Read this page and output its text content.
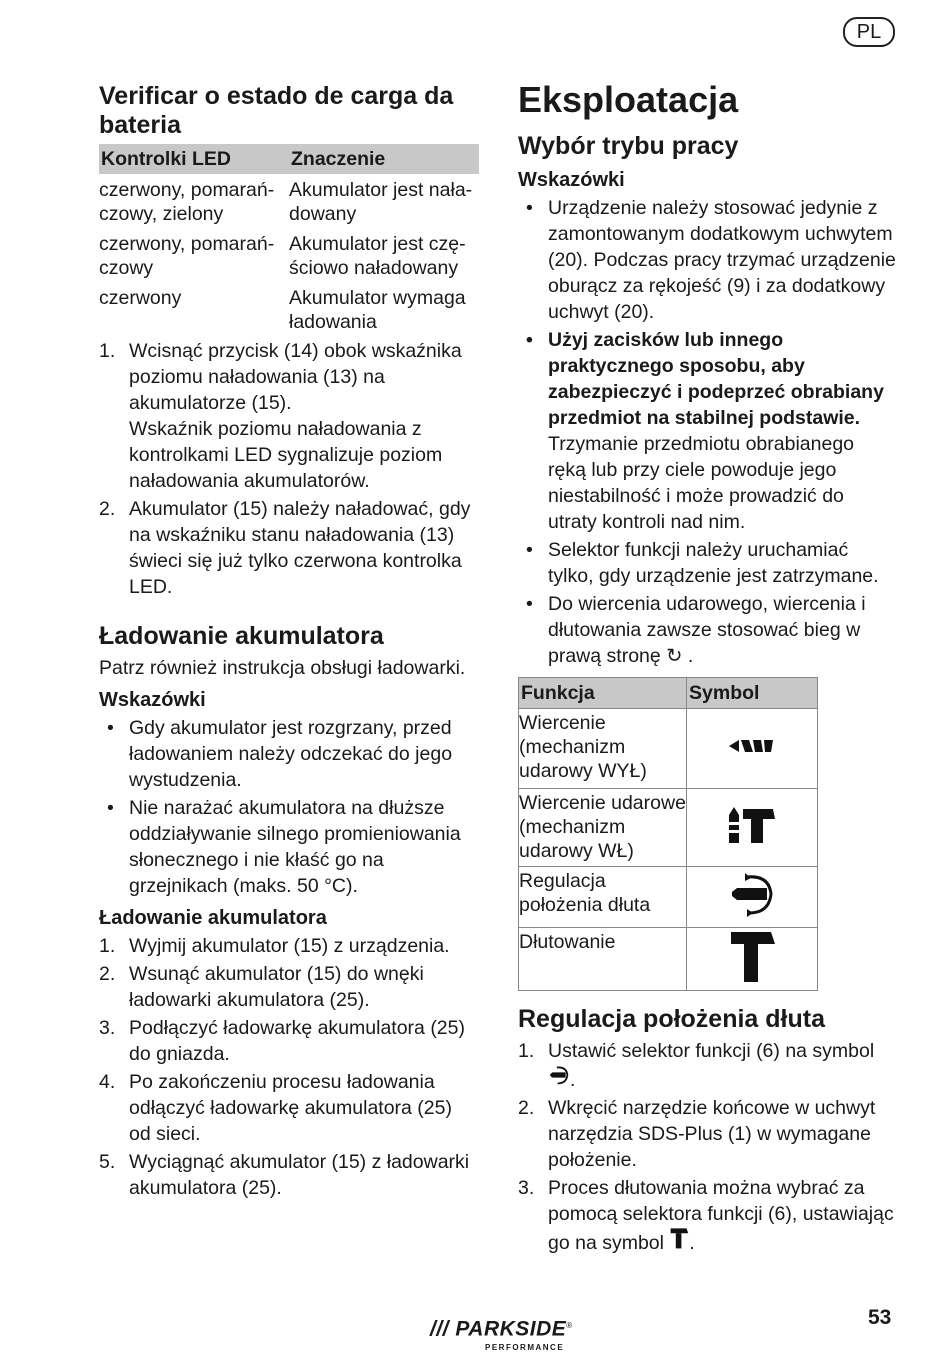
PL
Verificar o estado de carga da bateria
Kontrolki LED	Znaczenie
czerwony, pomarań-czowy, zielony	Akumulator jest nała-dowany
czerwony, pomarań-czowy	Akumulator jest czę-ściowo naładowany
czerwony	Akumulator wymaga ładowania
1. Wcisnąć przycisk (14) obok wskaźnika poziomu naładowania (13) na akumulatorze (15).

Wskaźnik poziomu naładowania z kontrolkami LED sygnalizuje poziom naładowania akumulatorów.

2. Akumulator (15) należy naładować, gdy na wskaźniku stanu naładowania (13) świeci się już tylko czerwona kontrolka LED.

Ładowanie akumulatora

Patrz również instrukcja obsługi ładowarki.

Wskazówki
• Gdy akumulator jest rozgrzany, przed ładowaniem należy odczekać do jego wystudzenia.
• Nie narażać akumulatora na dłuższe oddziaływanie silnego promieniowania słonecznego i nie kłaść go na grzejnikach (maks. 50 °C).
Ładowanie akumulatora
1. Wyjmij akumulator (15) z urządzenia.
2. Wsunąć akumulator (15) do wnęki ładowarki akumulatora (25).
3. Podłączyć ładowarkę akumulatora (25) do gniazda.
4. Po zakończeniu procesu ładowania odłączyć ładowarkę akumulatora (25) od sieci.
5. Wyciągnąć akumulator (15) z ładowarki akumulatora (25).
Eksploatacja
Wybór trybu pracy
Wskazówki
• Urządzenie należy stosować jedynie z zamontowanym dodatkowym uchwytem (20). Podczas pracy trzymać urządzenie oburącz za rękojeść (9) i za dodatkowy uchwyt (20).
• Użyj zacisków lub innego praktycznego sposobu, aby zabezpieczyć i podeprzeć obrabiany przedmiot na stabilnej podstawie. Trzymanie przedmiotu obrabianego ręką lub przy ciele powoduje jego niestabilność i może prowadzić do utraty kontroli nad nim.
• Selektor funkcji należy uruchamiać tylko, gdy urządzenie jest zatrzymane.
• Do wiercenia udarowego, wiercenia i dłutowania zawsze stosować bieg w prawą stronę ↻ .
Funkcja	Symbol
Wiercenie (mechanizm udarowy WYŁ)	
Wiercenie udarowe (mechanizm udarowy WŁ)	
Regulacja położenia dłuta	
Dłutowanie	
Regulacja położenia dłuta
1. Ustawić selektor funkcji (6) na symbol .
2. Wkręcić narzędzie końcowe w uchwyt narzędzia SDS-Plus (1) w wymagane położenie.
3. Proces dłutowania można wybrać za pomocą selektora funkcji (6), ustawiając go na symbol .
/// PARKSIDE®
PERFORMANCE
53
